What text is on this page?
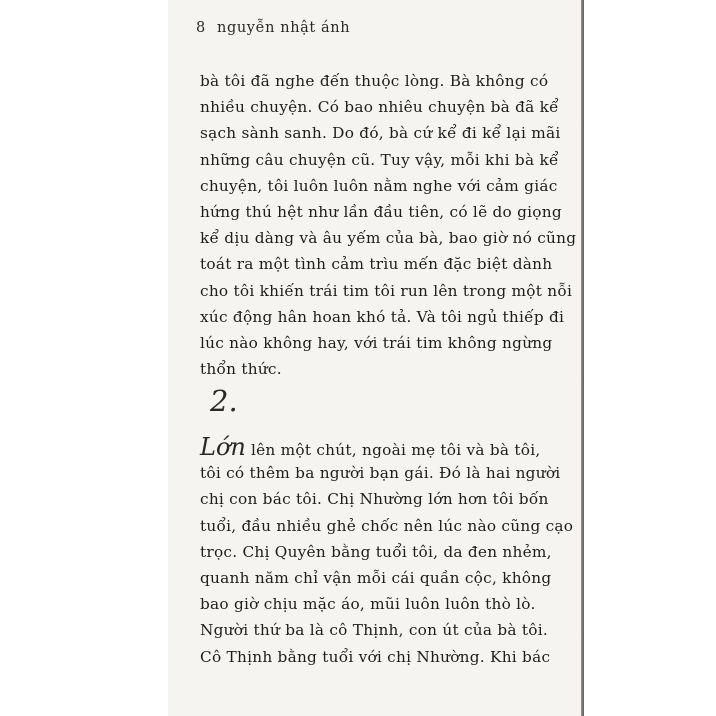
8 nguyễn nhật ánh
bà tôi đã nghe đến thuộc lòng. Bà không có
nhiều chuyện. Có bao nhiêu chuyện bà đã kể
sạch sành sanh. Do đó, bà cứ kể đi kể lại mãi
những câu chuyện cũ. Tuy vậy, mỗi khi bà kể
chuyện, tôi luôn luôn nằm nghe với cảm giác
hứng thú hệt như lần đầu tiên, có lẽ do giọng
kể dịu dàng và âu yếm của bà, bao giờ nó cũng
toát ra một tình cảm trìu mến đặc biệt dành
cho tôi khiến trái tim tôi run lên trong một nỗi
xúc động hân hoan khó tả. Và tôi ngủ thiếp đi
lúc nào không hay, với trái tim không ngừng
thổn thức.
2.
Lớn lên một chút, ngoài mẹ tôi và bà tôi,
tôi có thêm ba người bạn gái. Đó là hai người
chị con bác tôi. Chị Nhường lớn hơn tôi bốn
tuổi, đầu nhiều ghẻ chốc nên lúc nào cũng cạo
trọc. Chị Quyên bằng tuổi tôi, da đen nhẻm,
quanh năm chỉ vận mỗi cái quần cộc, không
bao giờ chịu mặc áo, mũi luôn luôn thò lò.
Người thứ ba là cô Thịnh, con út của bà tôi.
Cô Thịnh bằng tuổi với chị Nhường. Khi bác
